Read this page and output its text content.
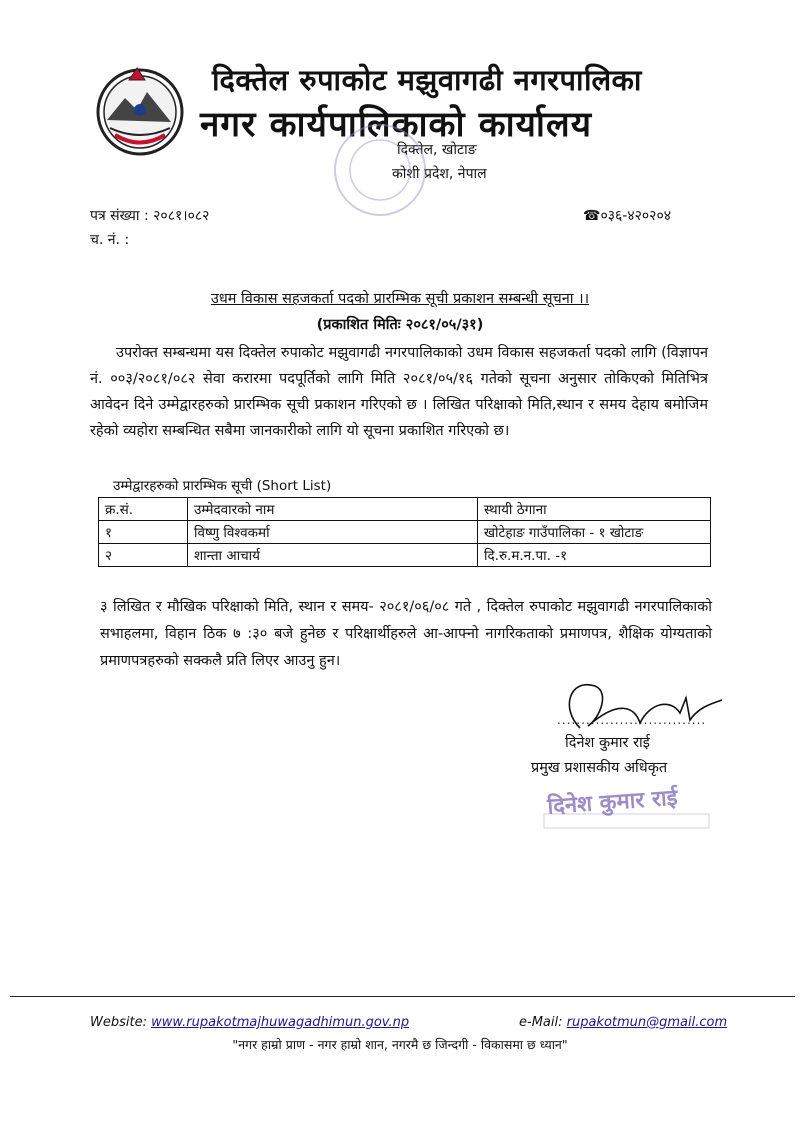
दिक्तेल रुपाकोट मझुवागढी नगरपालिका
नगर कार्यपालिकाको कार्यालय
दिक्तेल, खोटाङ
कोशी प्रदेश, नेपाल
पत्र संख्या : २०८१।०८२
च. नं. :
☎०३६-४२०२०४
उधम विकास सहजकर्ता पदको प्रारम्भिक सूची प्रकाशन सम्बन्धी सूचना ।।
(प्रकाशित मितिः २०८१/०५/३१)
उपरोक्त सम्बन्धमा यस दिक्तेल रुपाकोट मझुवागढी नगरपालिकाको उधम विकास सहजकर्ता पदको लागि (विज्ञापन नं. ००३/२०८१/०८२ सेवा करारमा पदपूर्तिको लागि मिति २०८१/०५/१६ गतेको सूचना अनुसार तोकिएको मितिभित्र आवेदन दिने उम्मेद्वारहरुको प्रारम्भिक सूची प्रकाशन गरिएको छ । लिखित परिक्षाको मिति,स्थान र समय देहाय बमोजिम रहेको व्यहोरा सम्बन्धित सबैमा जानकारीको लागि यो सूचना प्रकाशित गरिएको छ।
उम्मेद्वारहरुको प्रारम्भिक सूची (Short List)
क्र.सं.	उम्मेदवारको नाम	स्थायी ठेगाना
१	विष्णु विश्वकर्मा	खोटेहाङ गाउँपालिका - १ खोटाङ
२	शान्ता आचार्य	दि.रु.म.न.पा. -१
३ लिखित र मौखिक परिक्षाको मिति, स्थान र समय- २०८१/०६/०८ गते , दिक्तेल रुपाकोट मझुवागढी नगरपालिकाको सभाहलमा, विहान ठिक ७ :३० बजे हुनेछ र परिक्षार्थीहरुले आ-आफ्नो नागरिकताको प्रमाणपत्र, शैक्षिक योग्यताको प्रमाणपत्रहरुको सक्कलै प्रति लिएर आउनु हुन।
...............................
दिनेश कुमार राई
प्रमुख प्रशासकीय अधिकृत
दिनेश कुमार राई
Website: www.rupakotmajhuwagadhimun.gov.np	e-Mail: rupakotmun@gmail.com
"नगर हाम्रो प्राण - नगर हाम्रो शान, नगरमै छ जिन्दगी - विकासमा छ ध्यान"
